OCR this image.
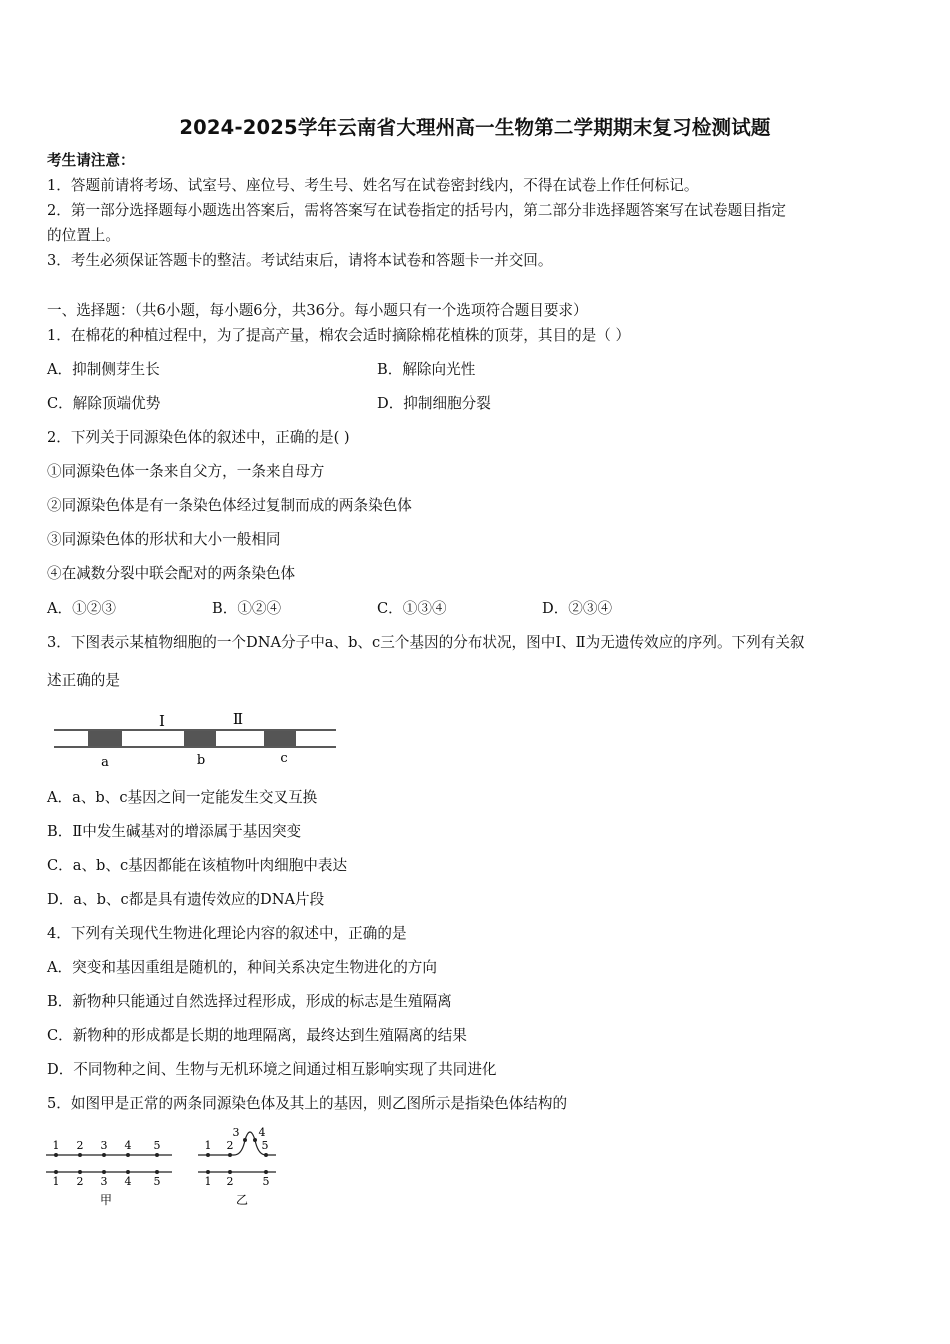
2024-2025学年云南省大理州高一生物第二学期期末复习检测试题
考生请注意：
1．答题前请将考场、试室号、座位号、考生号、姓名写在试卷密封线内，不得在试卷上作任何标记。
2．第一部分选择题每小题选出答案后，需将答案写在试卷指定的括号内，第二部分非选择题答案写在试卷题目指定
的位置上。
3．考生必须保证答题卡的整洁。考试结束后，请将本试卷和答题卡一并交回。
一、选择题：（共6小题，每小题6分，共36分。每小题只有一个选项符合题目要求）
1．在棉花的种植过程中，为了提高产量，棉农会适时摘除棉花植株的顶芽，其目的是（ ）
A．抑制侧芽生长	B．解除向光性
C．解除顶端优势	D．抑制细胞分裂
2．下列关于同源染色体的叙述中，正确的是( )
①同源染色体一条来自父方，一条来自母方
②同源染色体是有一条染色体经过复制而成的两条染色体
③同源染色体的形状和大小一般相同
④在减数分裂中联会配对的两条染色体
A．①②③	B．①②④	C．①③④	D．②③④
3．下图表示某植物细胞的一个DNA分子中a、b、c三个基因的分布状况，图中Ⅰ、Ⅱ为无遗传效应的序列。下列有关叙
述正确的是
Ⅰ	Ⅱ
a	b	c
A．a、b、c基因之间一定能发生交叉互换
B．Ⅱ中发生碱基对的增添属于基因突变
C．a、b、c基因都能在该植物叶肉细胞中表达
D．a、b、c都是具有遗传效应的DNA片段
4．下列有关现代生物进化理论内容的叙述中，正确的是
A．突变和基因重组是随机的，种间关系决定生物进化的方向
B．新物种只能通过自然选择过程形成，形成的标志是生殖隔离
C．新物种的形成都是长期的地理隔离，最终达到生殖隔离的结果
D．不同物种之间、生物与无机环境之间通过相互影响实现了共同进化
5．如图甲是正常的两条同源染色体及其上的基因，则乙图所示是指染色体结构的
1 2 3 4 5
1 2 3 4 5
甲
1 2
3 4
5
1 2	5
乙
